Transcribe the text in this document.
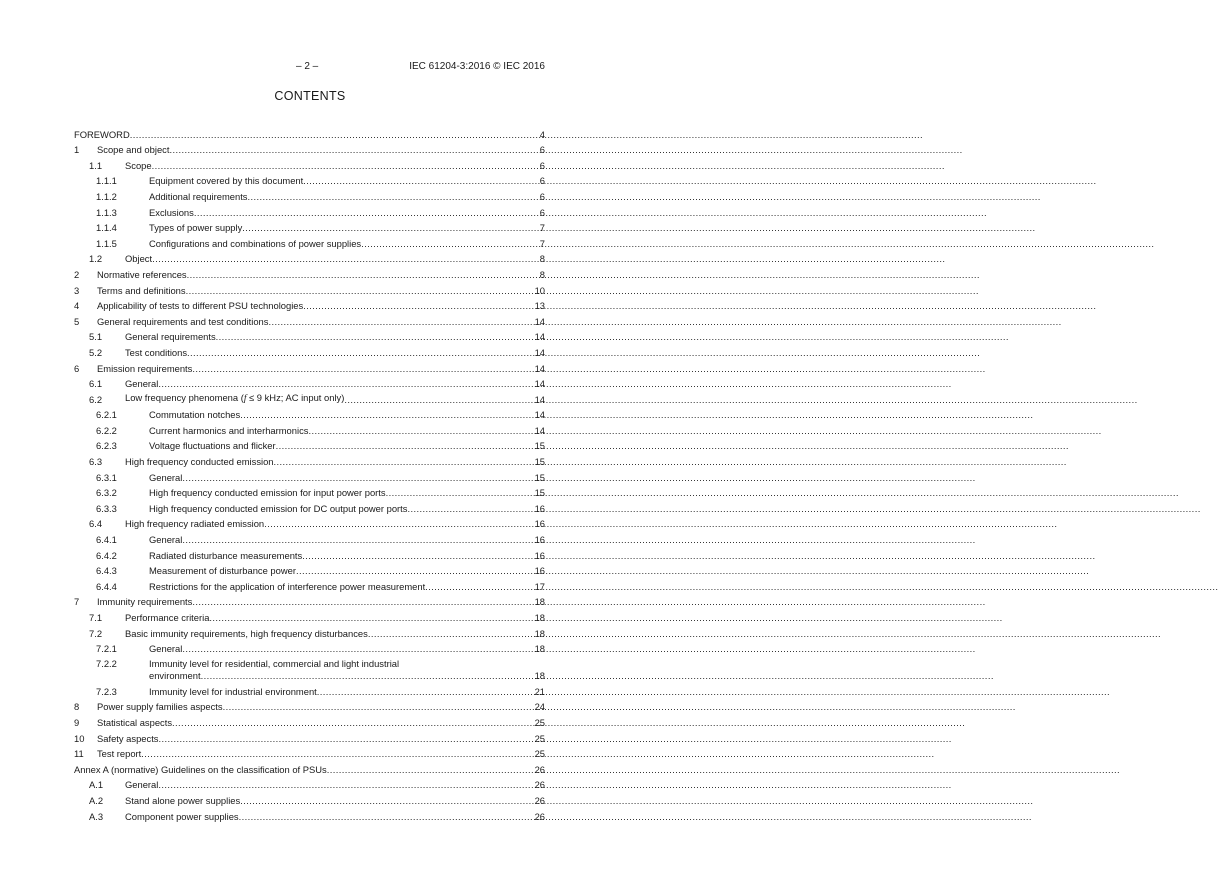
– 2 –	IEC 61204-3:2016 © IEC 2016
CONTENTS
FOREWORD .....	4
1 Scope and object .....	6
1.1 Scope .....	6
1.1.1	Equipment covered by this document .....	6
1.1.2	Additional requirements .....	6
1.1.3	Exclusions .....	6
1.1.4	Types of power supply .....	7
1.1.5	Configurations and combinations of power supplies .....	7
1.2 Object .....	8
2 Normative references .....	8
3 Terms and definitions .....	10
4 Applicability of tests to different PSU technologies .....	13
5 General requirements and test conditions .....	14
5.1 General requirements .....	14
5.2 Test conditions .....	14
6 Emission requirements .....	14
6.1 General .....	14
6.2 Low frequency phenomena (f ≤ 9 kHz; AC input only) .....	14
6.2.1	Commutation notches .....	14
6.2.2	Current harmonics and interharmonics .....	14
6.2.3	Voltage fluctuations and flicker .....	15
6.3 High frequency conducted emission .....	15
6.3.1	General .....	15
6.3.2	High frequency conducted emission for input power ports .....	15
6.3.3	High frequency conducted emission for DC output power ports .....	16
6.4 High frequency radiated emission .....	16
6.4.1	General .....	16
6.4.2	Radiated disturbance measurements .....	16
6.4.3	Measurement of disturbance power .....	16
6.4.4	Restrictions for the application of interference power measurement .....	17
7 Immunity requirements .....	18
7.1 Performance criteria .....	18
7.2 Basic immunity requirements, high frequency disturbances .....	18
7.2.1	General .....	18
7.2.2	Immunity level for residential, commercial and light industrial
environment .....	18
7.2.3	Immunity level for industrial environment .....	21
8 Power supply families aspects .....	24
9 Statistical aspects .....	25
10 Safety aspects .....	25
11 Test report .....	25
Annex A (normative) Guidelines on the classification of PSUs .....	26
A.1 General .....	26
A.2 Stand alone power supplies .....	26
A.3 Component power supplies .....	26
